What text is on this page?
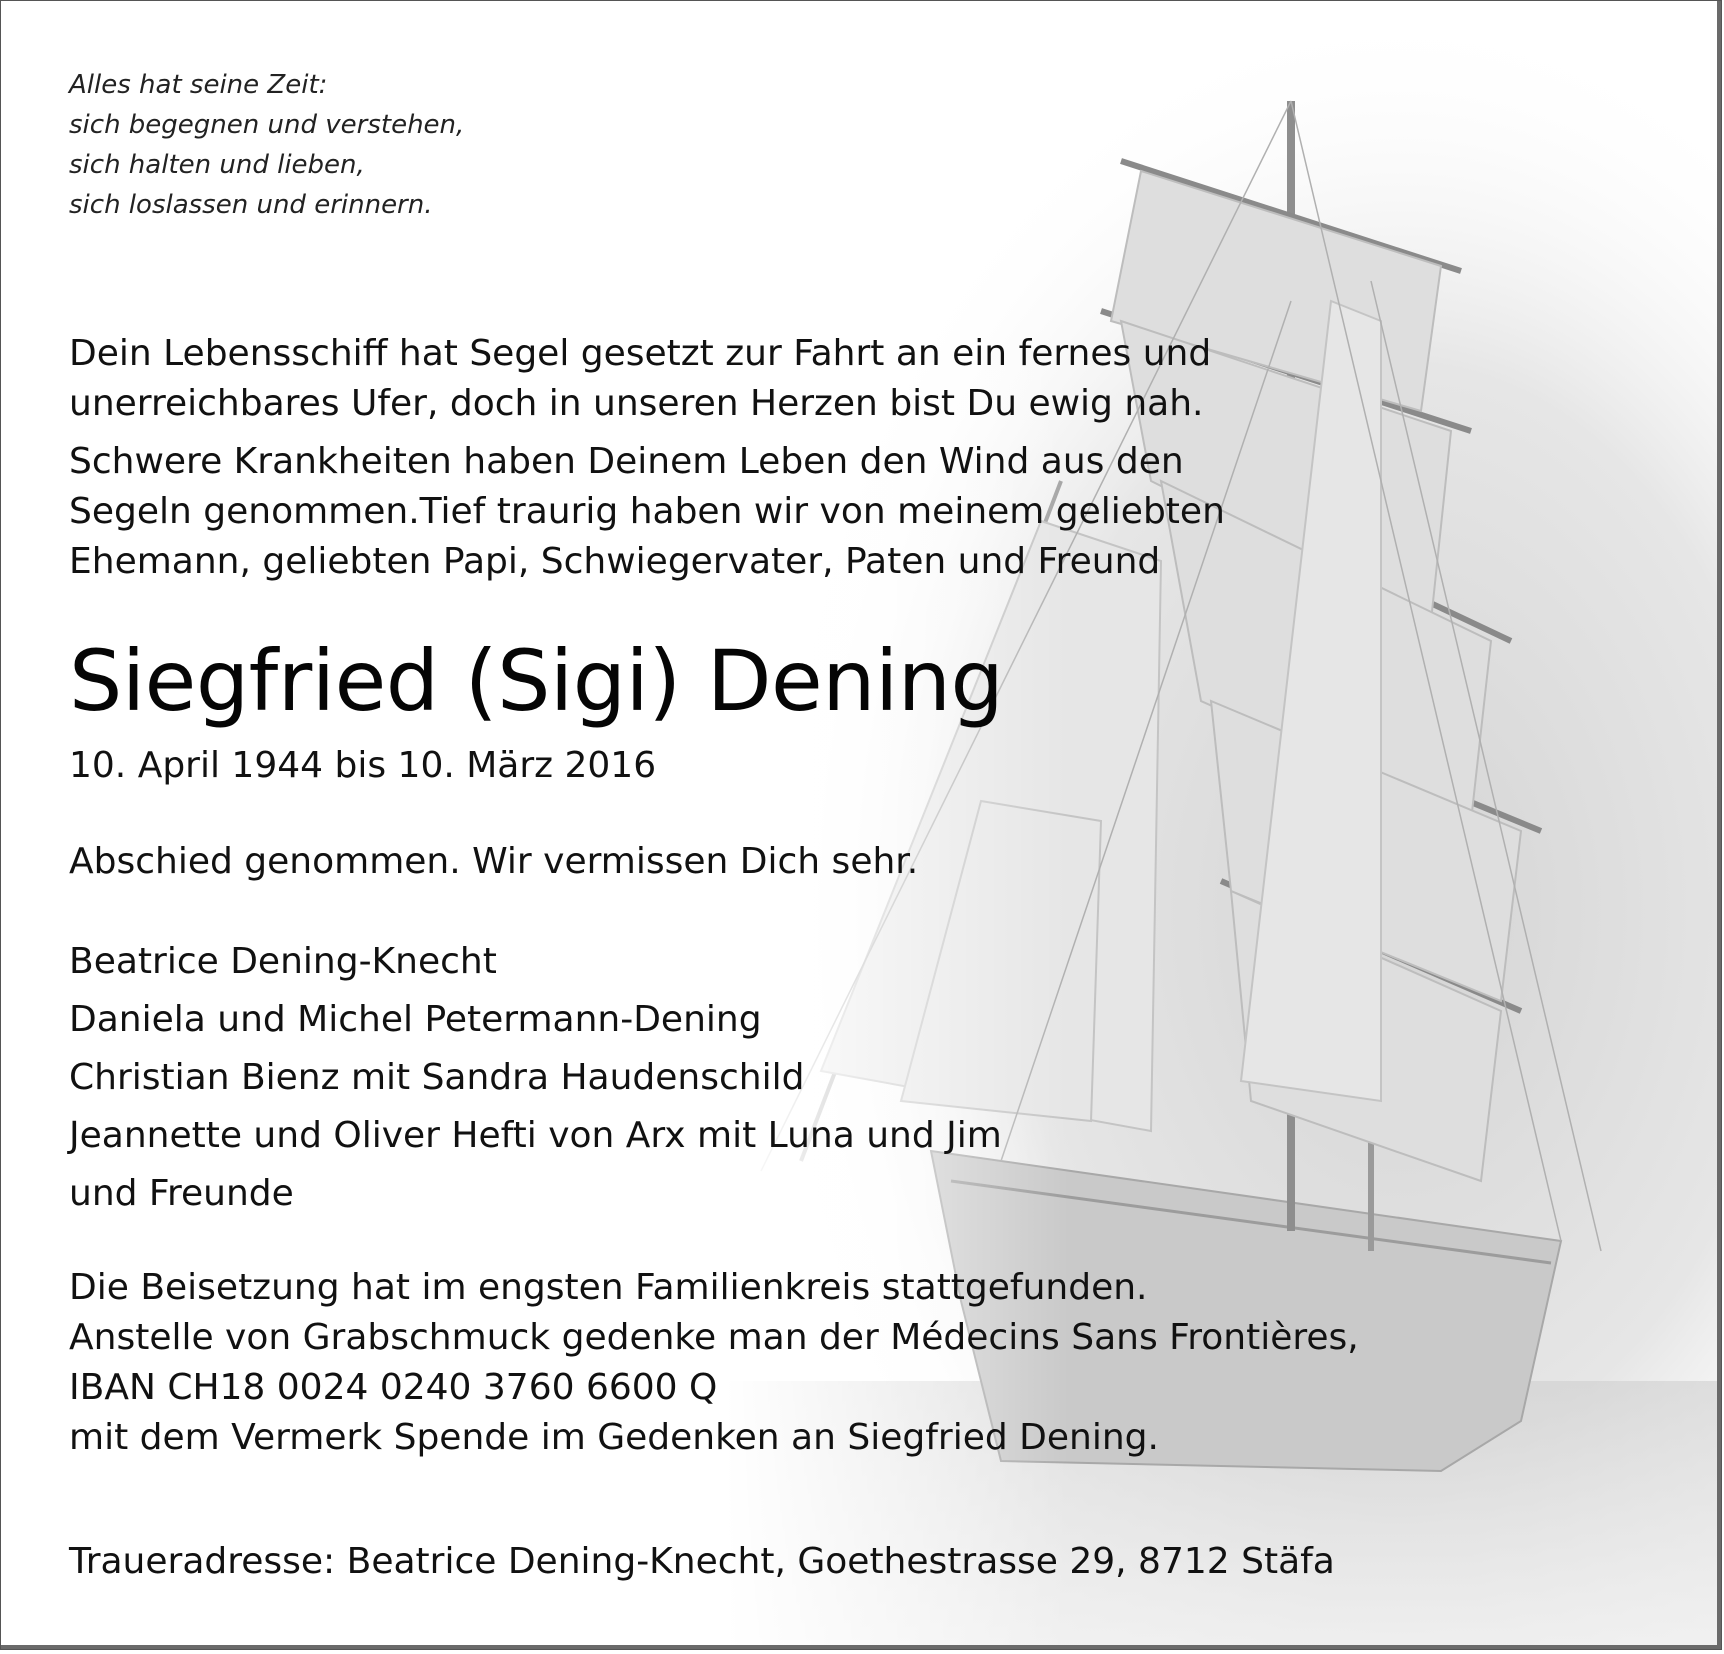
Alles hat seine Zeit:
sich begegnen und verstehen,
sich halten und lieben,
sich loslassen und erinnern.
Dein Lebensschiff hat Segel gesetzt zur Fahrt an ein fernes und
unerreichbares Ufer, doch in unseren Herzen bist Du ewig nah.
Schwere Krankheiten haben Deinem Leben den Wind aus den
Segeln genommen.Tief traurig haben wir von meinem geliebten
Ehemann, geliebten Papi, Schwiegervater, Paten und Freund
Siegfried (Sigi) Dening
10. April 1944 bis 10. März 2016
Abschied genommen. Wir vermissen Dich sehr.
Beatrice Dening-Knecht
Daniela und Michel Petermann-Dening
Christian Bienz mit Sandra Haudenschild
Jeannette und Oliver Hefti von Arx mit Luna und Jim
und Freunde
Die Beisetzung hat im engsten Familienkreis stattgefunden.
Anstelle von Grabschmuck gedenke man der Médecins Sans Frontières,
IBAN CH18 0024 0240 3760 6600 Q
mit dem Vermerk Spende im Gedenken an Siegfried Dening.
Traueradresse: Beatrice Dening-Knecht, Goethestrasse 29, 8712 Stäfa
